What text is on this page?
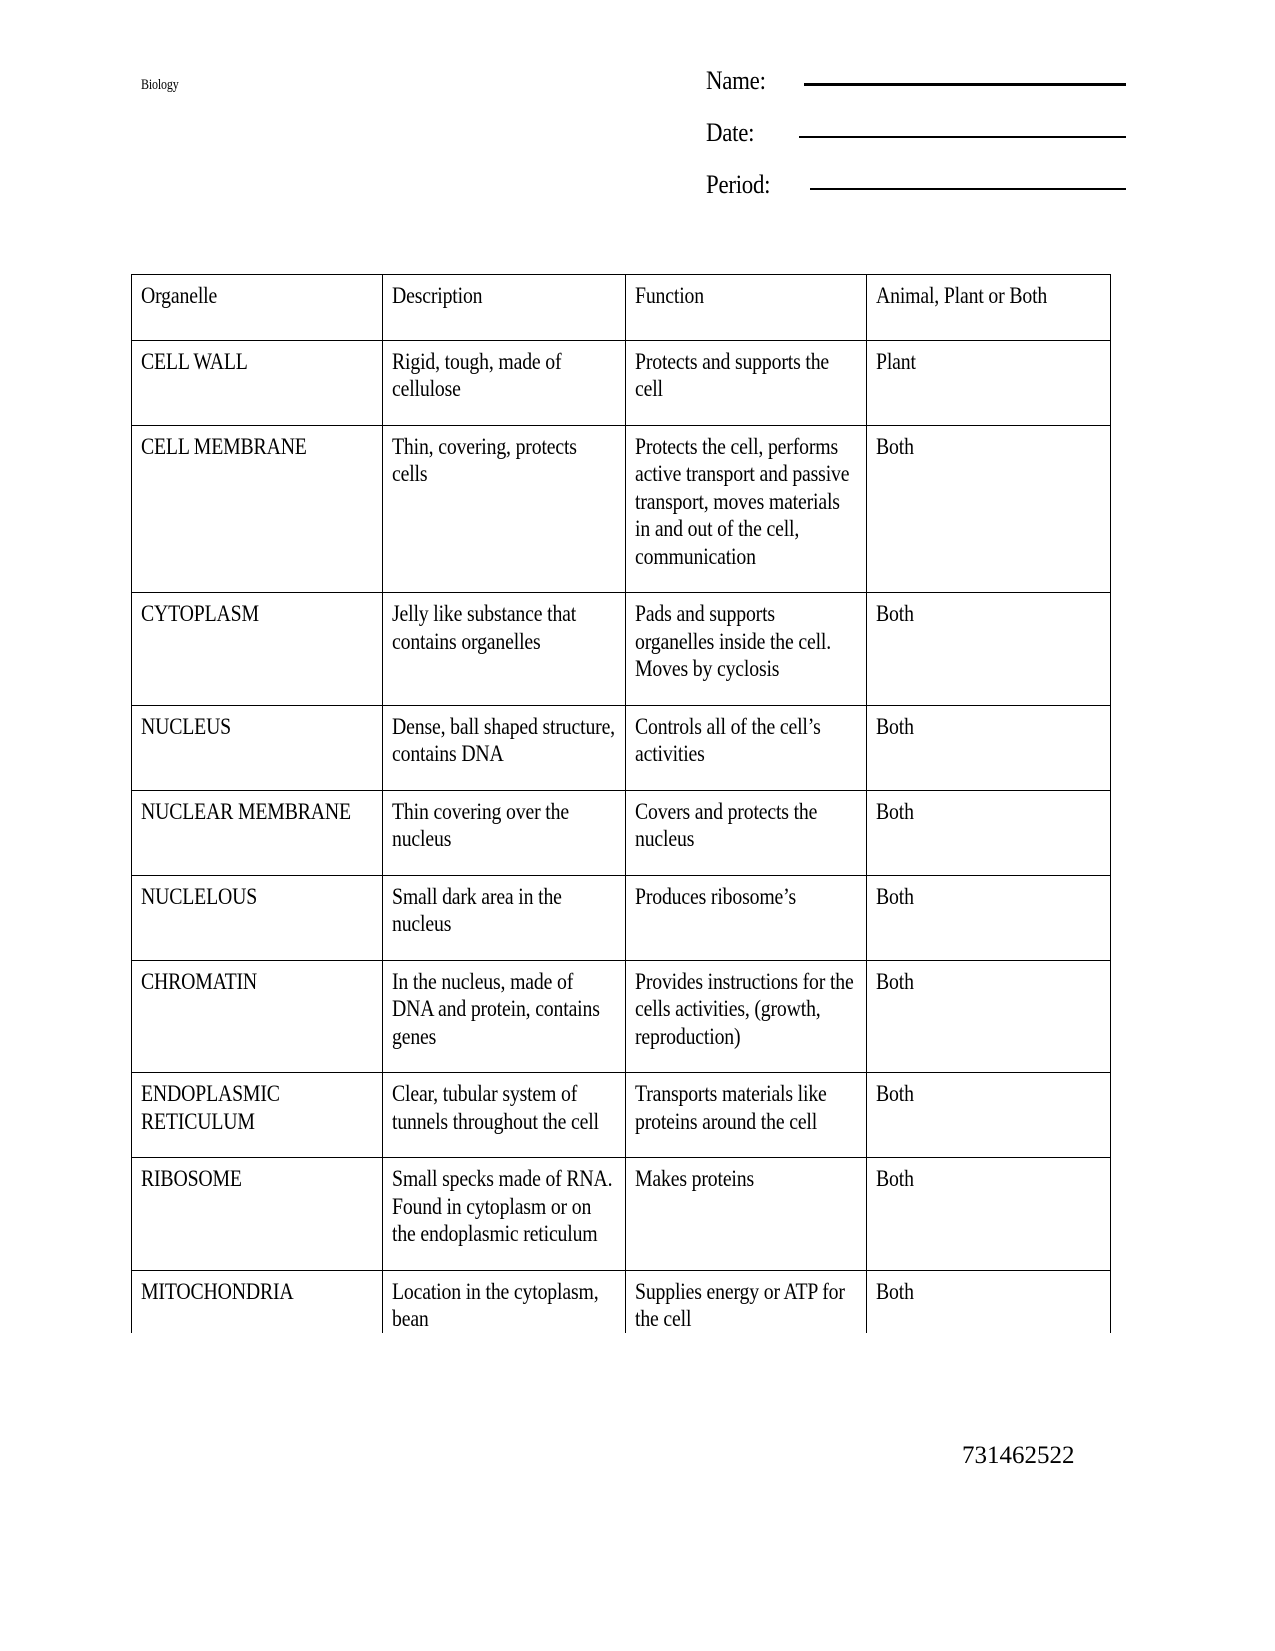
Biology	Name:
Date:
Period:
Organelle	Description	Function	Animal, Plant or Both

CELL WALL	Rigid, tough, made of cellulose	Protects and supports the cell	Plant

CELL MEMBRANE	Thin, covering, protects cells	Protects the cell, performs active transport and passive transport, moves materials in and out of the cell, communication	Both

CYTOPLASM	Jelly like substance that contains organelles	Pads and supports organelles inside the cell. Moves by cyclosis	Both

NUCLEUS	Dense, ball shaped structure, contains DNA	Controls all of the cell’s activities	Both

NUCLEAR MEMBRANE	Thin covering over the nucleus	Covers and protects the nucleus	Both

NUCLELOUS	Small dark area in the nucleus	Produces ribosome’s	Both

CHROMATIN	In the nucleus, made of DNA and protein, contains genes	Provides instructions for the cells activities, (growth, reproduction)	Both

ENDOPLASMIC RETICULUM	Clear, tubular system of tunnels throughout the cell	Transports materials like proteins around the cell	Both

RIBOSOME	Small specks made of RNA. Found in cytoplasm or on the endoplasmic reticulum	Makes proteins	Both

MITOCHONDRIA	Location in the cytoplasm, bean	Supplies energy or ATP for the cell	Both
731462522
